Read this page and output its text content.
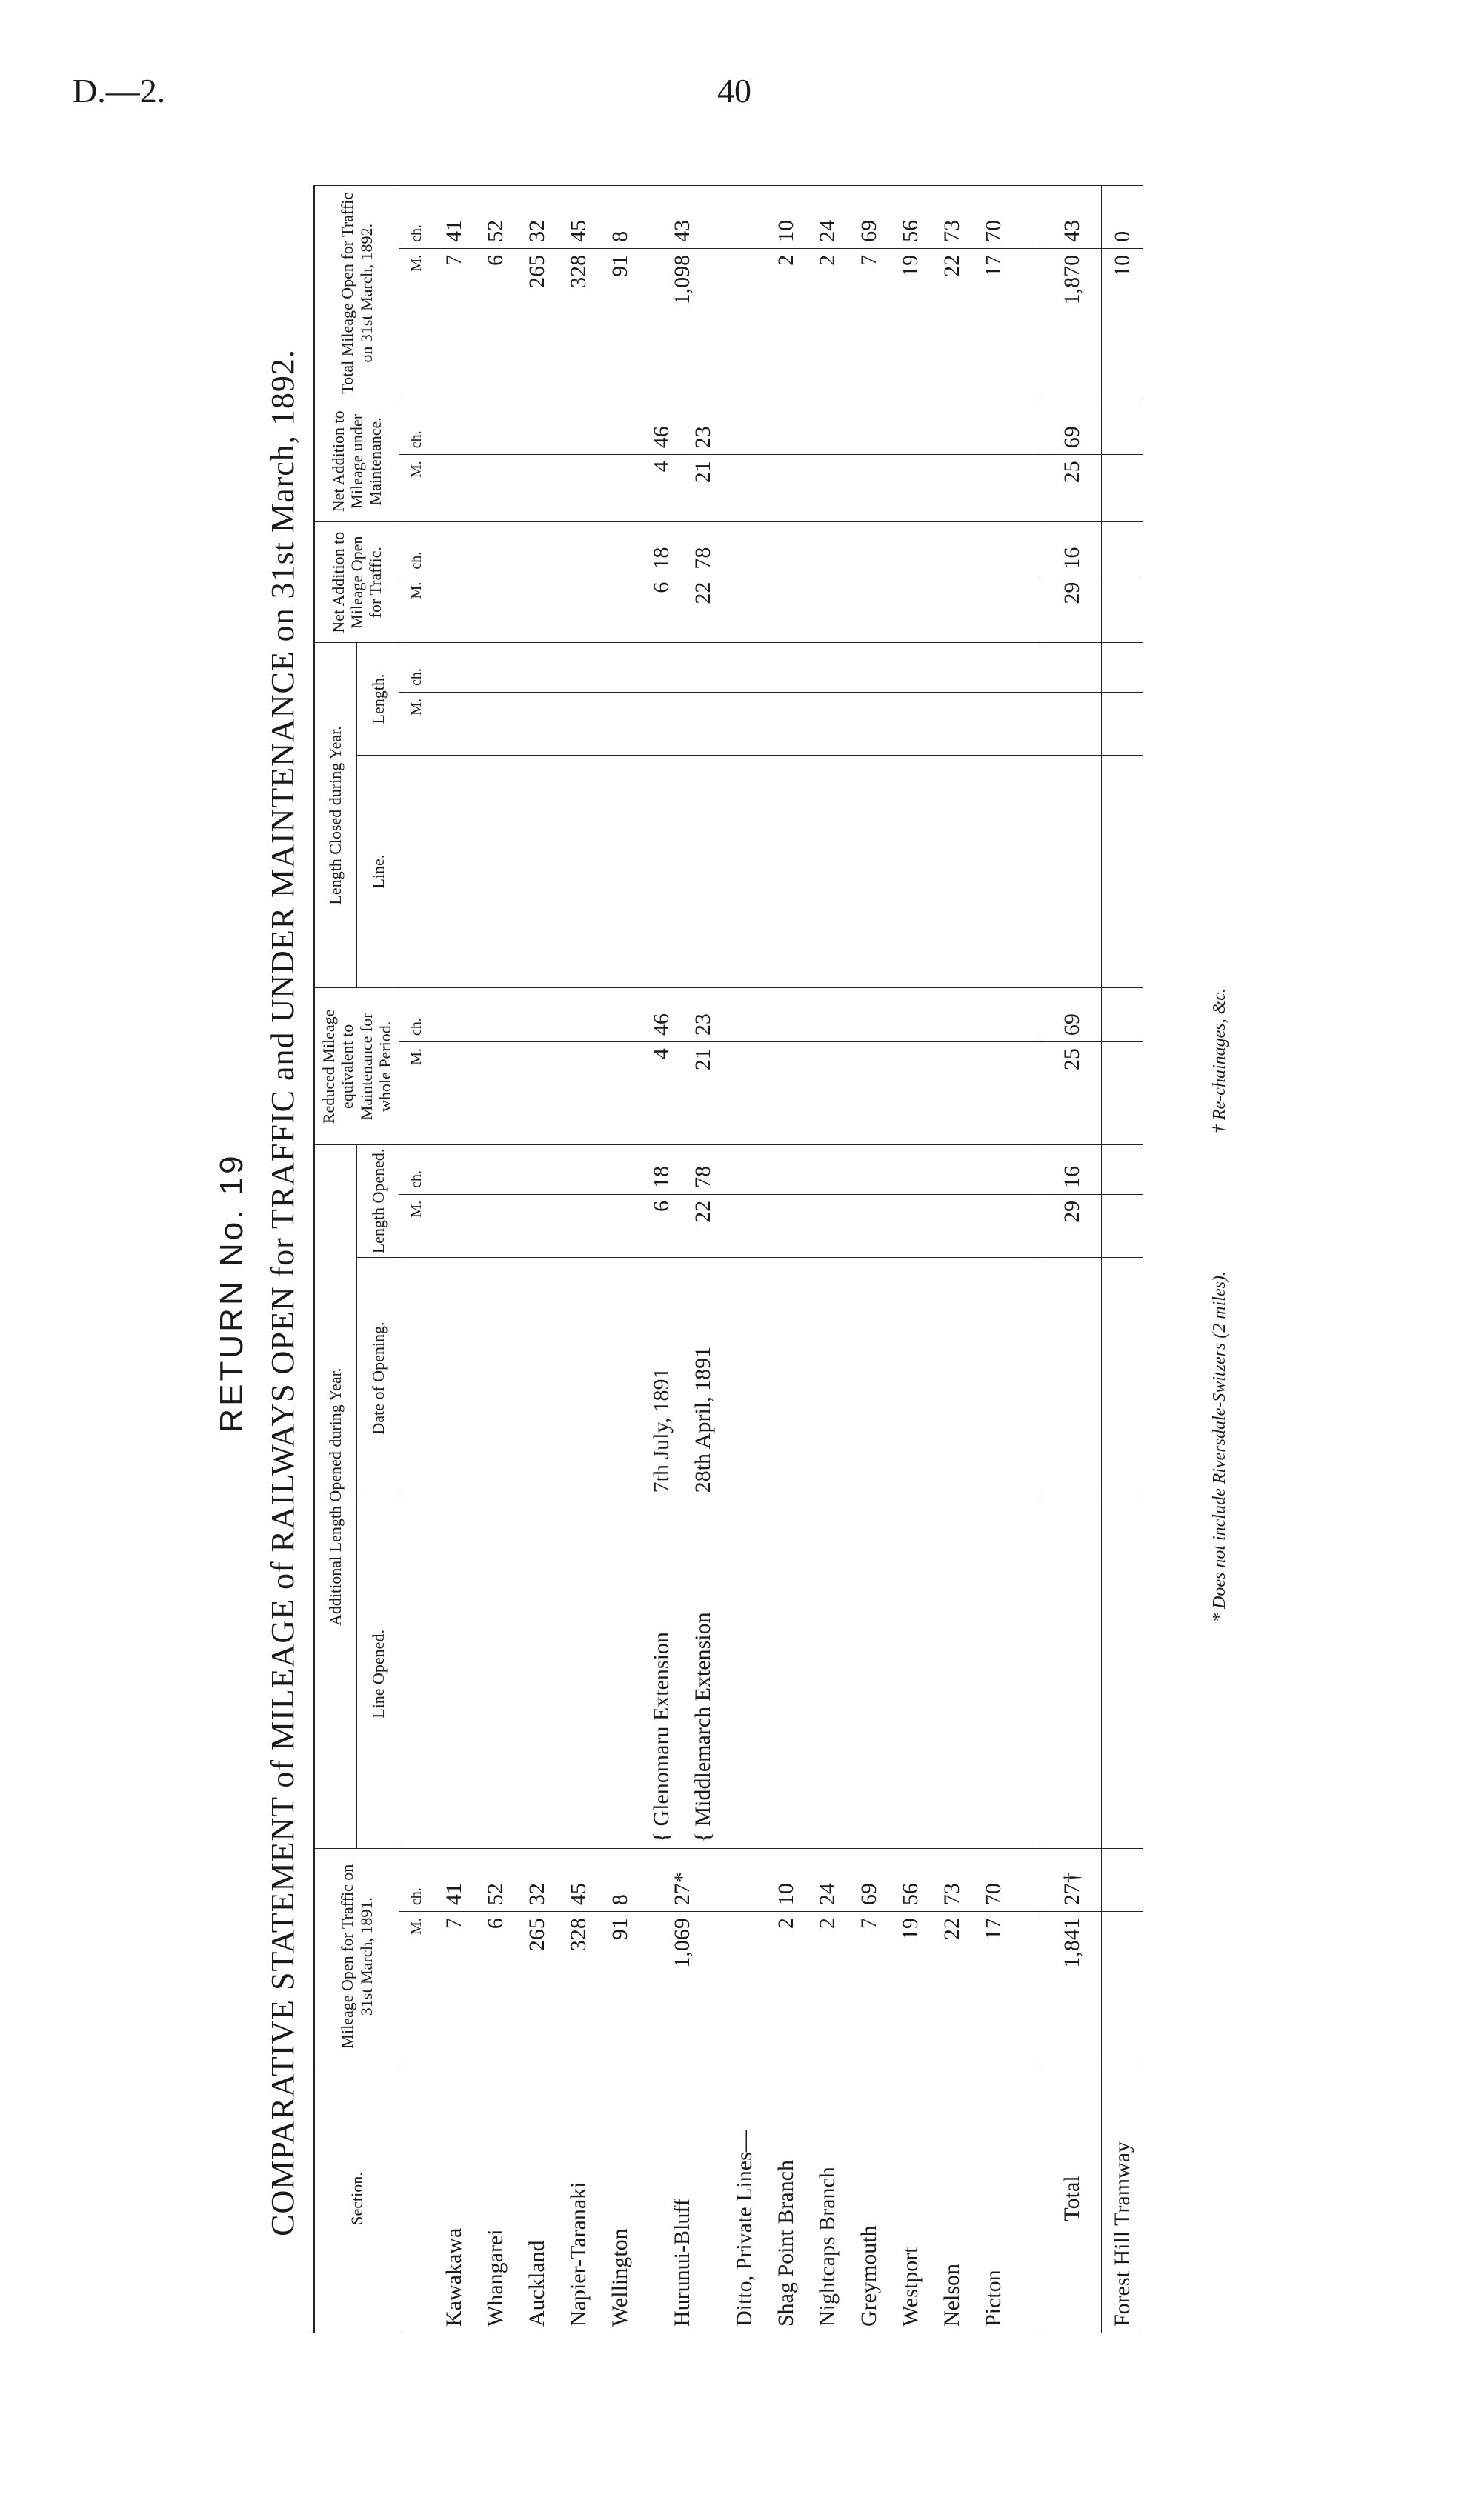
D.—2.	40
RETURN No. 19 COMPARATIVE STATEMENT of MILEAGE of RAILWAYS OPEN for TRAFFIC and UNDER MAINTENANCE on 31st March, 1892.	Section.	Mileage Open for Traffic on 31st March, 1891.		Additional Length Opened during Year.				Reduced Mileage equivalent to Maintenance for whole Period.		Length Closed during Year.			Net Addition to Mileage Open for Traffic.		Net Addition to Mileage under Maintenance.		Total Mileage Open for Traffic on 31st March, 1892.	
			Line Opened.	Date of Opening.	Length Opened.				Line.	Length.							
	M.	ch.			M.	ch.	M.	ch.		M.	ch.	M.	ch.	M.	ch.	M.	ch.
Kawakawa	7	41														7	41
Whangarei	6	52														6	52
Auckland	265	32														265	32
Napier-Taranaki	328	45														328	45
Wellington	91	8														91	8
Hurunui-Bluff	1,069	27*	{ Glenomaru Extension	7th July, 1891	6	18	4	46				6	18	4	46	1,098	43
			{ Middlemarch Extension	28th April, 1891	22	78	21	23				22	78	21	23		
Ditto, Private Lines—																	
Shag Point Branch	2	10														2	10
Nightcaps Branch	2	24														2	24
Greymouth	7	69														7	69
Westport	19	56														19	56
Nelson	22	73														22	73
Picton	17	70														17	70

Total	1,841	27†			29	16	25	69				29	16	25	69	1,870	43
Forest Hill Tramway																10	0
* Does not include Riversdale-Switzers (2 miles).
† Re-chainages, &c.
